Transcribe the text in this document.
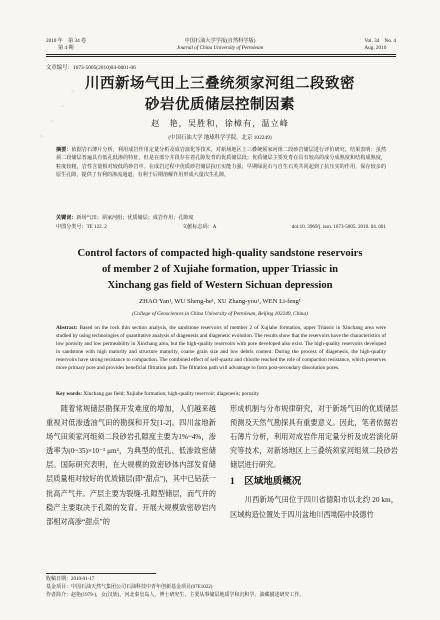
2010 年　第 34 卷
第 4 期
中国石油大学学报(自然科学版)
Journal of China University of Petroleum
Vol. 34　No. 4
Aug. 2010
文章编号：1673-5005(2010)04-0001-06
川西新场气田上三叠统须家河组二段致密
砂岩优质储层控制因素
赵　艳，吴胜和，徐樟有，温立峰
(中国石油大学 地球科学学院，北京 102249)
摘要：依据岩石薄片分析，利用成岩作用定量分析及成岩演化等技术，对新场地区上三叠统须家河组二段砂岩储层进行评价研究。结果表明：虽然须二段储层普遍具有低孔低渗的特征，但是在部分井段存在着孔隙发育的优质储层段；优质储层主要发育在具有较高的成分成熟度和结构成熟度，粒度较粗，岩性含量相对较低的砂岩中。在成岩过程中优质砂岩储层抗压实能力强；早期绿泥石与自生石英共同起到了抗压实的作用，保存较多的原生孔隙，提供了有利的渗流通道，有利于后期溶解作用形成大量次生孔隙。
关键词：新场气田；须家河组；优质储层；成岩作用；孔隙度
中图分类号：TE 122. 2	文献标志码：A	doi:10. 3969/j. issn. 1673-5005. 2010. 04. 001
Control factors of compacted high-quality sandstone reservoirs
of member 2 of Xujiahe formation, upper Triassic in
Xinchang gas field of Western Sichuan depression
ZHAO Yan¹, WU Sheng-he¹, XU Zhang-you¹, WEN Li-feng¹
(College of Geosciences in China University of Petroleum, Beijing 102249, China)
Abstract: Based on the rock thin section analysis, the sandstone reservoirs of member 2 of Xujiahe formation, upper Triassic in Xinchang area were studied by using technologies of quantitative analysis of diagenesis and diagenetic evolution. The results show that the reservoirs have the characteristics of low porosity and low permeability in Xinchang area, but the high-quality reservoirs with pore developed also exist. The high-quality reservoirs developed in sandstone with high maturity and structure maturity, coarse grain size and low debris content. During the process of diagenesis, the high-quality reservoirs have strong resistance to compaction. The combined effect of self-quartz and chlorite reached the role of compaction resistance, which preserves more primary pore and provides beneficial filtration path. The filtration path will advantage to form post-secondary dissolution pores.
Key words: Xinchang gas field; Xujiahe formation; high-quality reservoir; diagenesis; porosity
　　随着常规储层勘探开发难度的增加，人们越来越重视对低渗透油气田的勘探和开发[1-2]。四川盆地新场气田须家河组须二段砂岩孔隙度主要为1%~4%，渗透率为(0~35)×10⁻³ μm²，为典型的低孔、低渗致密储层。国际研究表明，在大规模的致密砂体内部发育储层质量相对较好的优质储层(即“甜点”)，其中已钻获一批高产气井。产层主要为裂缝-孔隙型储层，而气井的稳产主要取决于孔隙的发育。开展大规模致密砂岩内部相对高渗“甜点”的
形成机制与分布规律研究，对于新场气田的优质储层预测及天然气勘探具有重要意义。因此，笔者依据岩石薄片分析，利用对成岩作用定量分析及成岩演化研究等技术，对新场地区上三叠统须家河组须二段砂岩储层进行研究。
1　区域地质概况
　　川西新场气田位于四川省德阳市以北约 20 km，区域构造位置处于四川盆地川西坳陷中段德竹
收稿日期：2010-01-17
基金项目：中国石油天然气集团公司石油科技中青年创新基金项目(07E1022)
作者简介：赵艳(1979-)，女(汉族)，河北秦皇岛人，博士研究生，主要从事储层地质学和沉积学、油藏描述研究工作。
